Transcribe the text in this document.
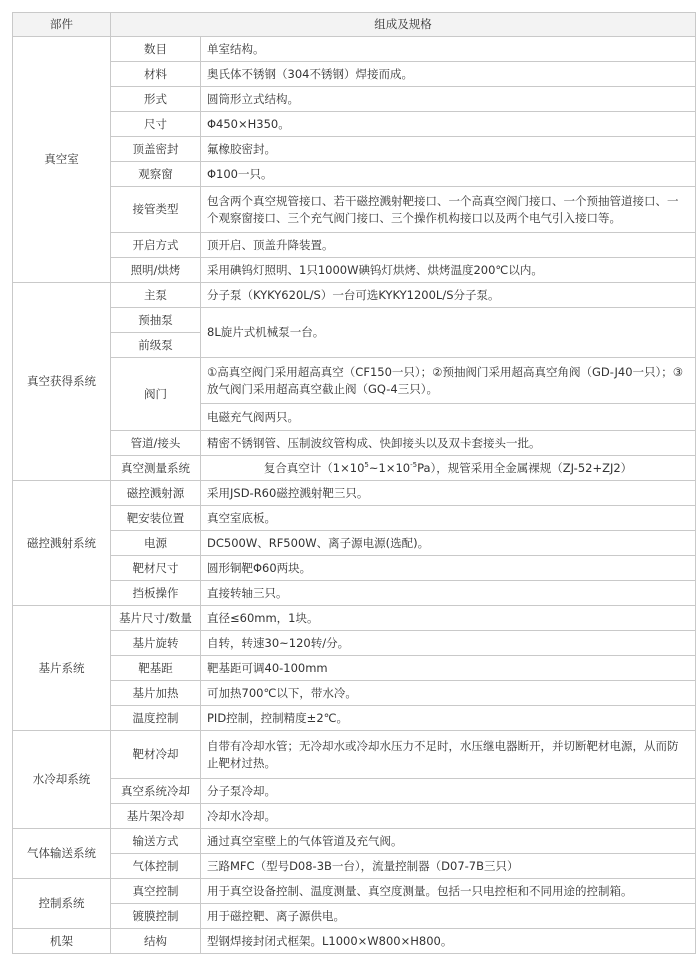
部件	组成及规格	
真空室	数目	单室结构。
	材料	奥氏体不锈钢（304不锈钢）焊接而成。
	形式	圆筒形立式结构。
	尺寸	Φ450×H350。
	顶盖密封	氟橡胶密封。
	观察窗	Φ100一只。
	接管类型	包含两个真空规管接口、若干磁控溅射靶接口、一个高真空阀门接口、一个预抽管道接口、一个观察窗接口、三个充气阀门接口、三个操作机构接口以及两个电气引入接口等。
	开启方式	顶开启、顶盖升降装置。
	照明/烘烤	采用碘钨灯照明、1只1000W碘钨灯烘烤、烘烤温度200℃以内。
真空获得系统	主泵	分子泵（KYKY620L/S）一台可选KYKY1200L/S分子泵。
	预抽泵	8L旋片式机械泵一台。
	前级泵	
	阀门	①高真空阀门采用超高真空（CF150一只）；②预抽阀门采用超高真空角阀（GD-J40一只）；③放气阀门采用超高真空截止阀（GQ-4三只）。
		电磁充气阀两只。
	管道/接头	精密不锈钢管、压制波纹管构成、快卸接头以及双卡套接头一批。
	真空测量系统	复合真空计$(1\times 10^5\sim 1\times 10^{-5}Pa)$，规管采用全金属裸规（ZJ-52+ZJ2）
磁控溅射系统	磁控溅射源	采用JSD-R60磁控溅射靶三只。
	靶安装位置	真空室底板。
	电源	DC500W、RF500W、离子源电源(选配)。
	靶材尺寸	圆形铜靶Φ60两块。
	挡板操作	直接转轴三只。
基片系统	基片尺寸/数量	直径≤60mm，1块。
	基片旋转	自转，转速30~120转/分。
	靶基距	靶基距可调40-100mm
	基片加热	可加热700℃以下，带水冷。
	温度控制	PID控制，控制精度±2℃。
水冷却系统	靶材冷却	自带有冷却水管；无冷却水或冷却水压力不足时，水压继电器断开，并切断靶材电源，从而防止靶材过热。
	真空系统冷却	分子泵冷却。
	基片架冷却	冷却水冷却。
气体输送系统	输送方式	通过真空室壁上的气体管道及充气阀。
	气体控制	三路MFC（型号D08-3B一台），流量控制器（D07-7B三只）
控制系统	真空控制	用于真空设备控制、温度测量、真空度测量。包括一只电控柜和不同用途的控制箱。
	镀膜控制	用于磁控靶、离子源供电。
机架	结构	型钢焊接封闭式框架。L1000×W800×H800。
